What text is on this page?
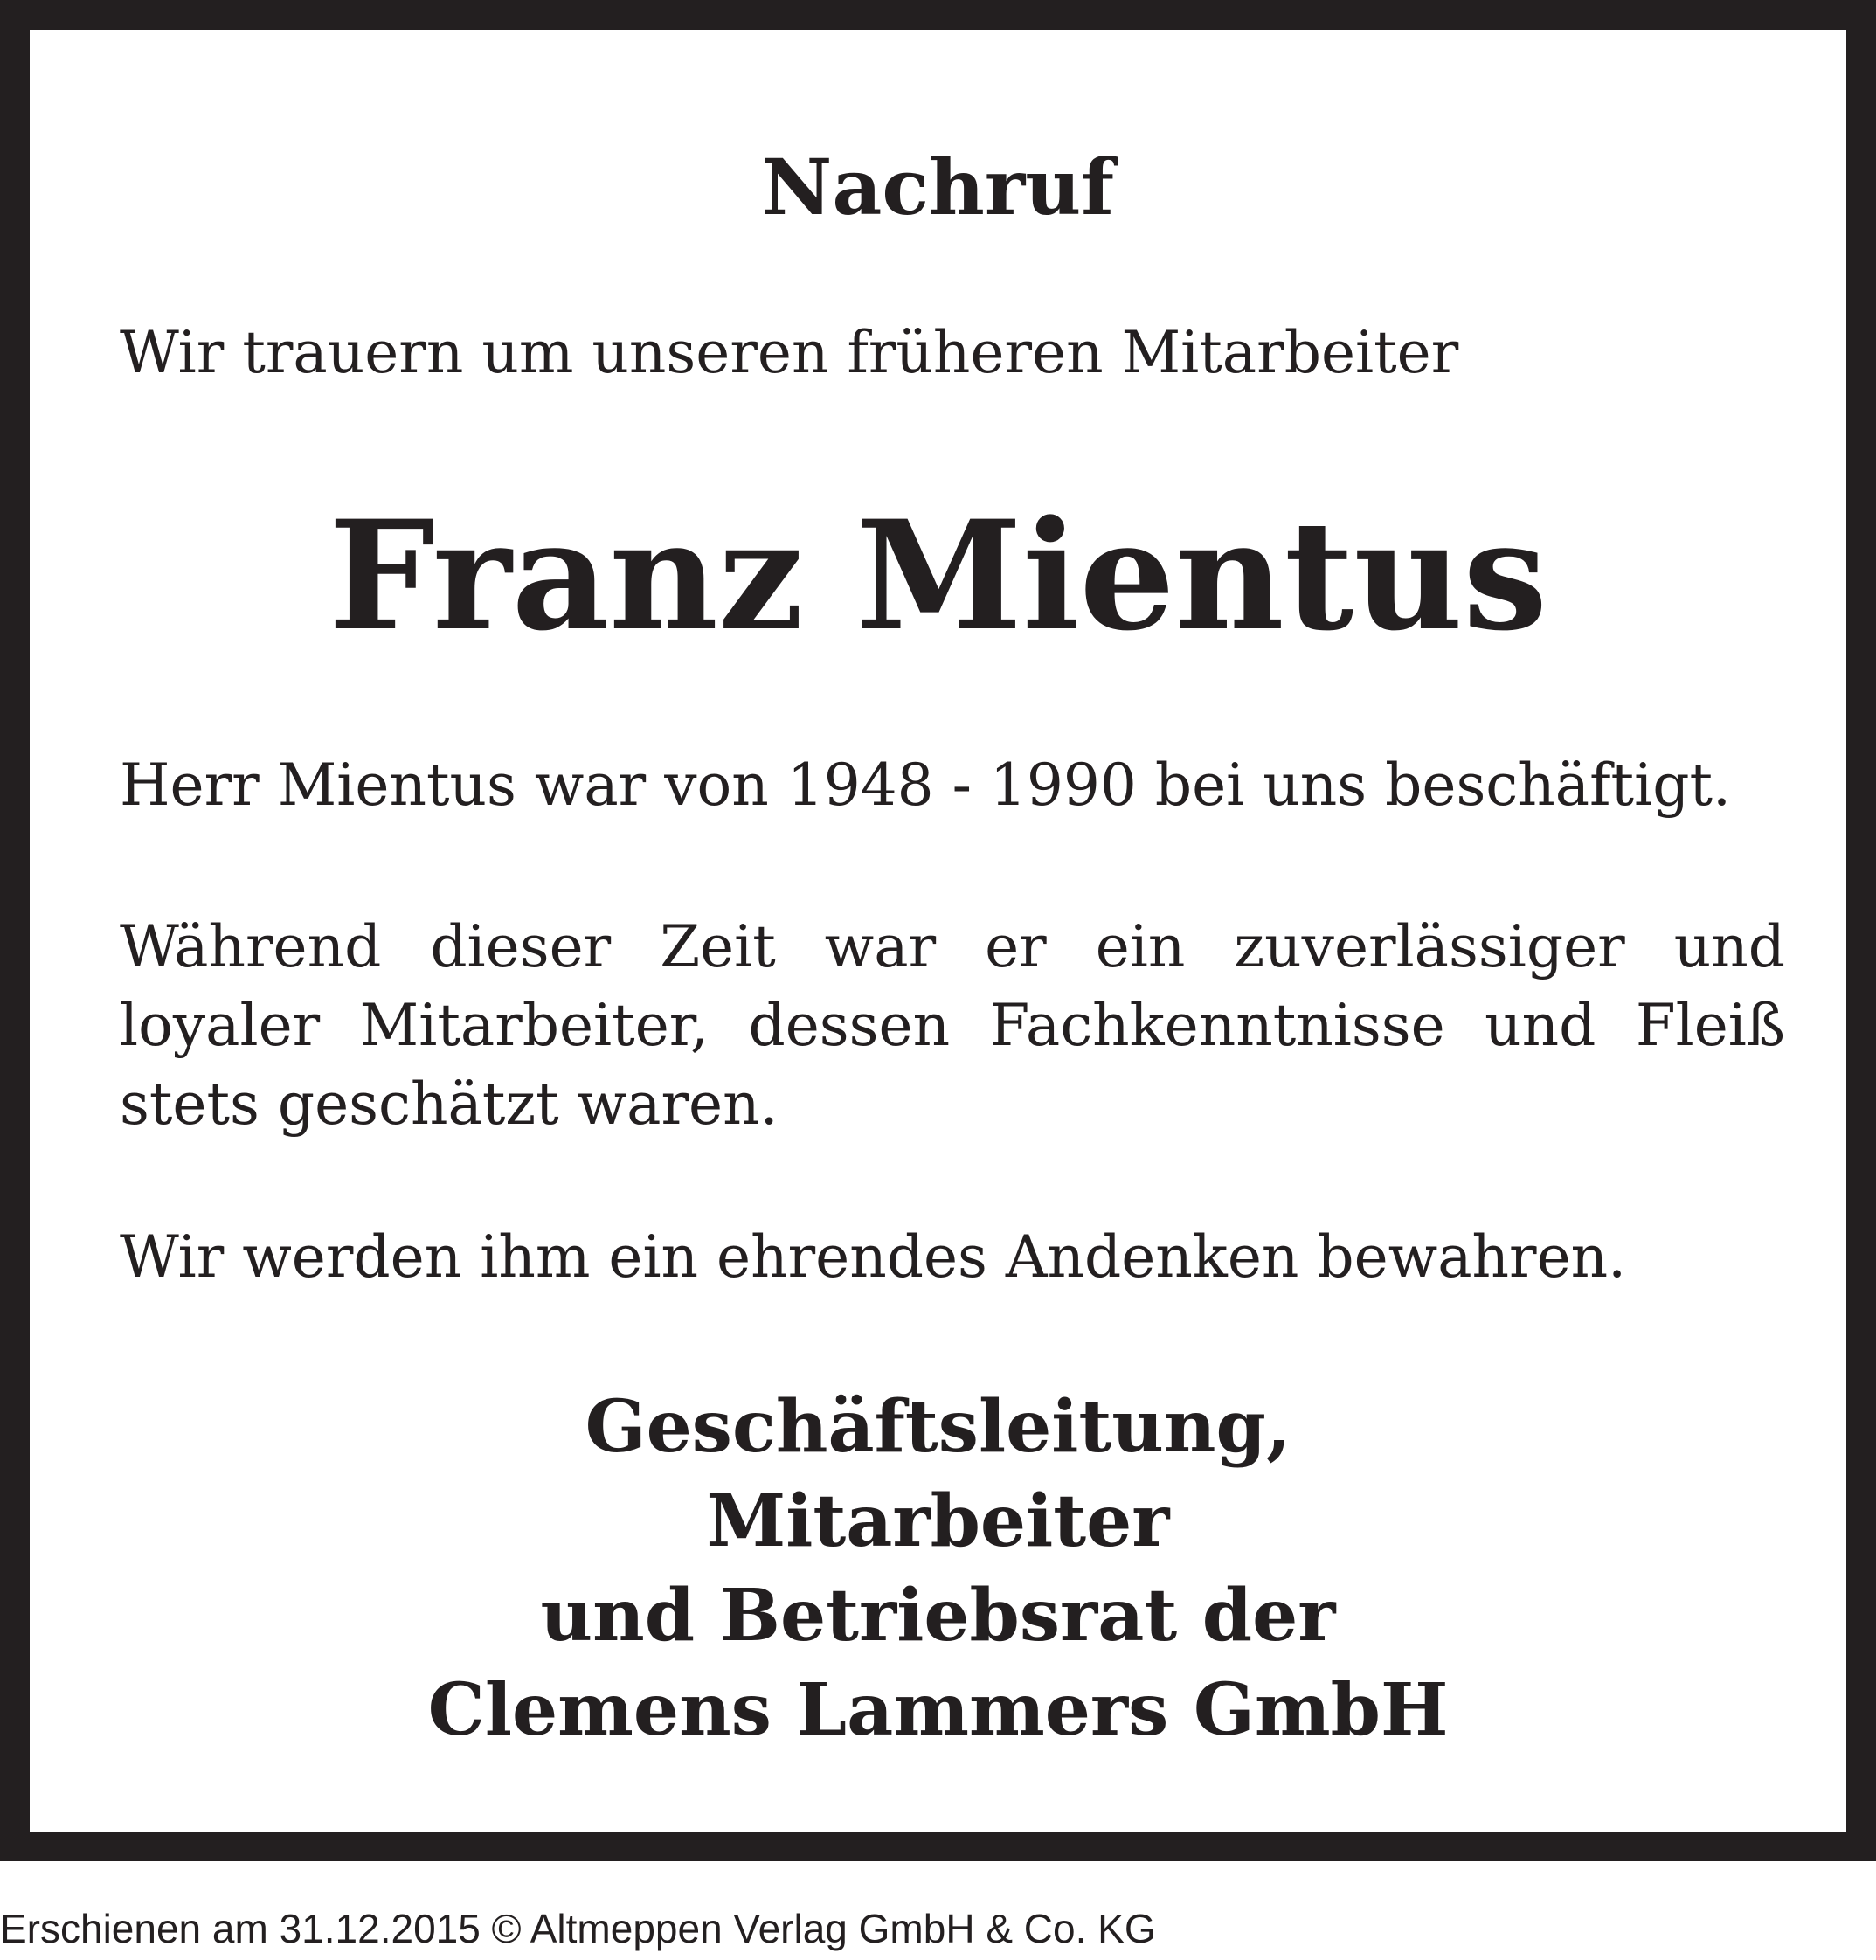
Nachruf

Wir trauern um unseren früheren Mitarbeiter

Franz Mientus

Herr Mientus war von 1948 - 1990 bei uns beschäftigt.

Während dieser Zeit war er ein zuverlässiger und loyaler Mitarbeiter, dessen Fachkenntnisse und Fleiß stets geschätzt waren.

Wir werden ihm ein ehrendes Andenken bewahren.

Geschäftsleitung,
Mitarbeiter
und Betriebsrat der
Clemens Lammers GmbH
Erschienen am 31.12.2015 © Altmeppen Verlag GmbH & Co. KG
